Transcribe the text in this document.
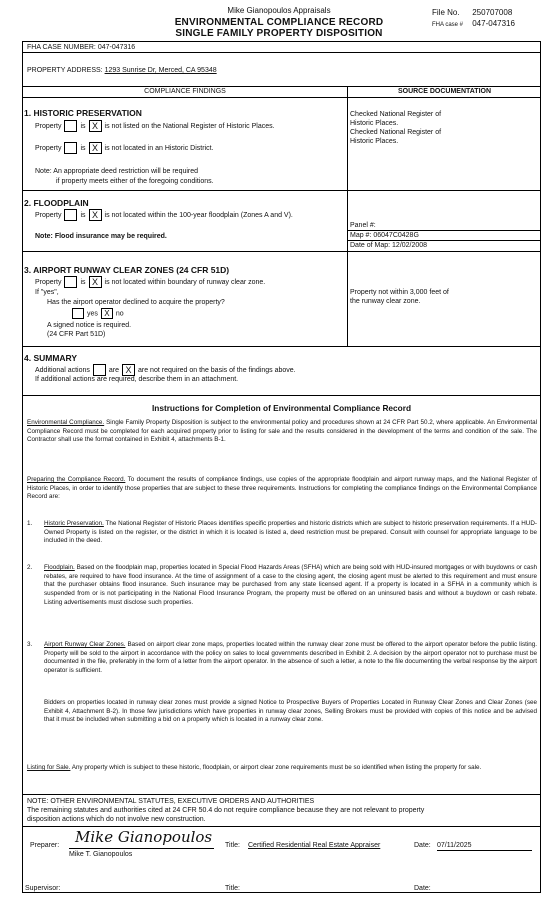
Mike Gianopoulos Appraisals
ENVIRONMENTAL COMPLIANCE RECORD
SINGLE FAMILY PROPERTY DISPOSITION
File No. 250707008
FHA case # 047-047316
FHA CASE NUMBER: 047-047316
PROPERTY ADDRESS: 1293 Sunrise Dr, Merced, CA 95348
COMPLIANCE FINDINGS	SOURCE DOCUMENTATION
1. HISTORIC PRESERVATION
Property	is X is not listed on the National Register of Historic Places.
Property	is X is not located in an Historic District.
Note: An appropriate deed restriction will be required
if property meets either of the foregoing conditions.
Checked National Register of
Historic Places.
Checked National Register of
Historic Places.
2. FLOODPLAIN
Property	is X is not located within the 100-year floodplain (Zones A and V).
Note: Flood insurance may be required.
Panel #:
Map #: 06047C0428G
Date of Map: 12/02/2008
3. AIRPORT RUNWAY CLEAR ZONES (24 CFR 51D)
Property	is X is not located within boundary of runway clear zone.
If "yes",
Has the airport operator declined to acquire the property?
yes X no
A signed notice is required.
(24 CFR Part 51D)
Property not within 3,000 feet of
the runway clear zone.
4. SUMMARY
Additional actions	are X are not required on the basis of the findings above.
If additional actions are required, describe them in an attachment.
Instructions for Completion of Environmental Compliance Record
Environmental Compliance. Single Family Property Disposition is subject to the environmental policy and procedures shown at 24 CFR Part 50.2, where applicable. An Environmental Compliance Record must be completed for each acquired property prior to listing for sale and the results considered in the development of the terms and condition of the sale. The Contractor shall use the format contained in Exhibit 4, attachments B-1.
Preparing the Compliance Record. To document the results of compliance findings, use copies of the appropriate floodplain and airport runway maps, and the National Register of Historic Places, in order to identify those properties that are subject to these three requirements. Instructions for completing the compliance findings on the Environmental Compliance Record are:
1. Historic Preservation. The National Register of Historic Places identifies specific properties and historic districts which are subject to historic preservation requirements. If a HUD-Owned Property is listed on the register, or the district in which it is located is listed a, deed restriction must be prepared. Consult with counsel for appropriate language to be included in the deed.
2. Floodplain. Based on the floodplain map, properties located in Special Flood Hazards Areas (SFHA) which are being sold with HUD-insured mortgages or with buydowns or cash rebates, are required to have flood insurance. At the time of assignment of a case to the closing agent, the closing agent must be alerted to this requirement and must ensure that the purchaser obtains flood insurance. Such insurance may be purchased from any state licensed agent. If a property is located in a SFHA in a community which is suspended from or is not participating in the National Flood Insurance Program, the property must be offered on an uninsured basis and without a buydown or cash rebate. Listing advertisements must disclose such properties.
3. Airport Runway Clear Zones. Based on airport clear zone maps, properties located within the runway clear zone must be offered to the airport operator before the public listing. Property will be sold to the airport in accordance with the policy on sales to local governments described in Exhibit 2. A decision by the airport operator not to purchase must be documented in the file, preferably in the form of a letter from the airport operator. In the absence of such a letter, a note to the file documenting the verbal response by the airport operator is sufficient.
Bidders on properties located in runway clear zones must provide a signed Notice to Prospective Buyers of Properties Located in Runway Clear Zones and Clear Zones (see Exhibit 4, Attachment B-2). In those few jurisdictions which have properties in runway clear zones, Selling Brokers must be provided with copies of this notice and be advised that it must be included when submitting a bid on a property which is located in a runway clear zone.
Listing for Sale. Any property which is subject to these historic, floodplain, or airport clear zone requirements must be so identified when listing the property for sale.
NOTE: OTHER ENVIRONMENTAL STATUTES, EXECUTIVE ORDERS AND AUTHORITIES
The remaining statutes and authorities cited at 24 CFR 50.4 do not require compliance because they are not relevant to property
disposition actions which do not involve new construction.
Preparer: Mike Gianopoulos
Mike T. Gianopoulos
Title: Certified Residential Real Estate Appraiser	Date: 07/11/2025
Supervisor:	Title:	Date:
